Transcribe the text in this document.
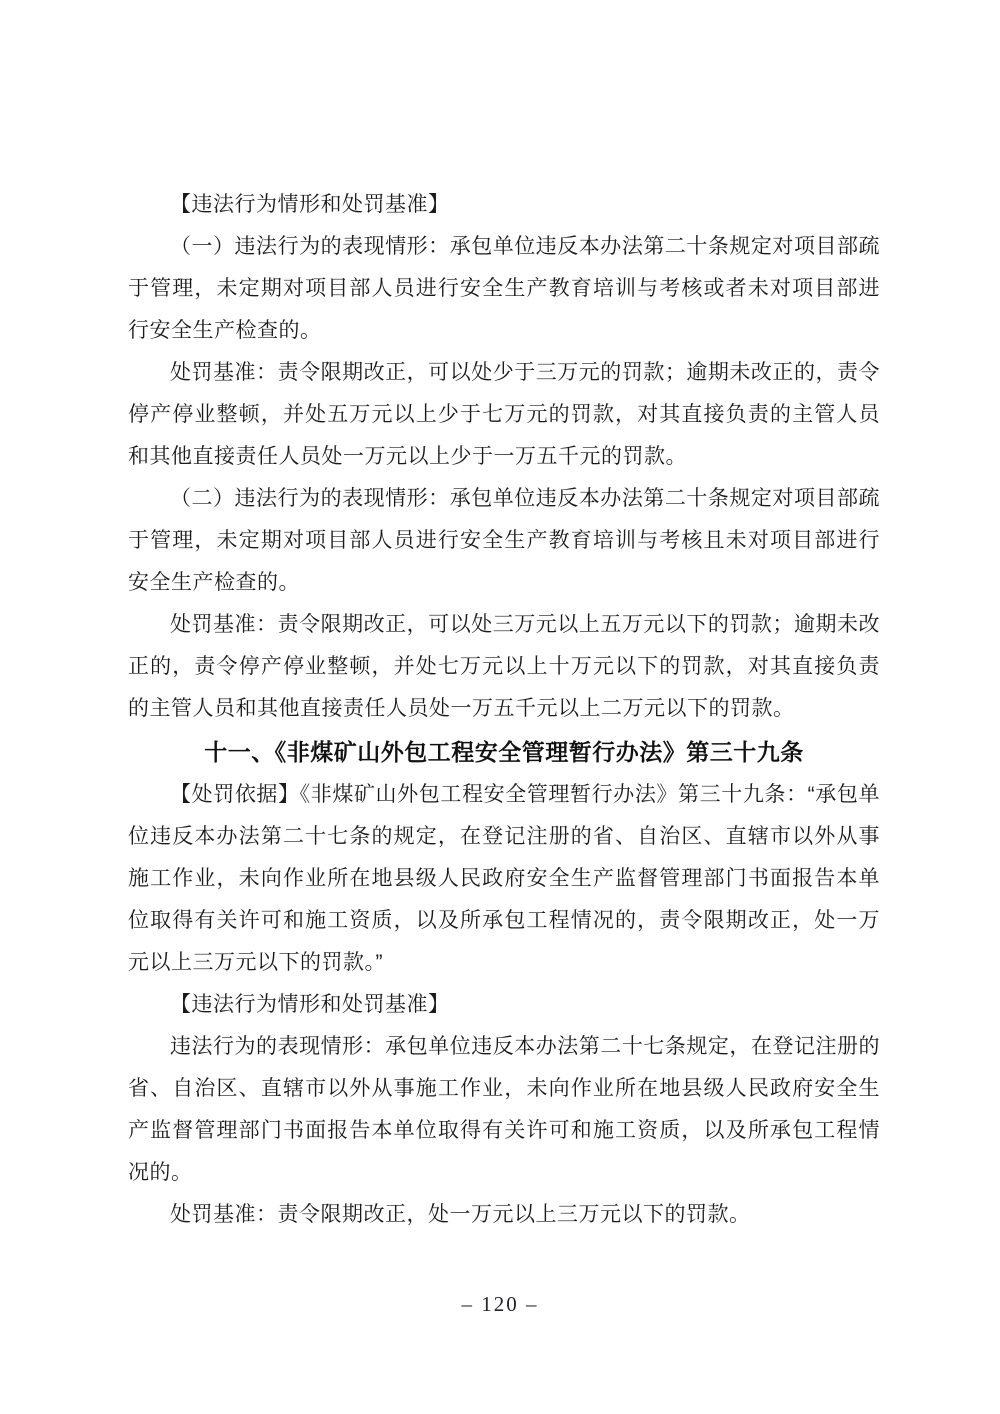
【违法行为情形和处罚基准】

（一）违法行为的表现情形：承包单位违反本办法第二十条规定对项目部疏于管理，未定期对项目部人员进行安全生产教育培训与考核或者未对项目部进行安全生产检查的。

处罚基准：责令限期改正，可以处少于三万元的罚款；逾期未改正的，责令停产停业整顿，并处五万元以上少于七万元的罚款，对其直接负责的主管人员和其他直接责任人员处一万元以上少于一万五千元的罚款。

（二）违法行为的表现情形：承包单位违反本办法第二十条规定对项目部疏于管理，未定期对项目部人员进行安全生产教育培训与考核且未对项目部进行安全生产检查的。

处罚基准：责令限期改正，可以处三万元以上五万元以下的罚款；逾期未改正的，责令停产停业整顿，并处七万元以上十万元以下的罚款，对其直接负责的主管人员和其他直接责任人员处一万五千元以上二万元以下的罚款。

十一、《非煤矿山外包工程安全管理暂行办法》第三十九条

【处罚依据】《非煤矿山外包工程安全管理暂行办法》第三十九条：“承包单位违反本办法第二十七条的规定，在登记注册的省、自治区、直辖市以外从事施工作业，未向作业所在地县级人民政府安全生产监督管理部门书面报告本单位取得有关许可和施工资质，以及所承包工程情况的，责令限期改正，处一万元以上三万元以下的罚款。”

【违法行为情形和处罚基准】

违法行为的表现情形：承包单位违反本办法第二十七条规定，在登记注册的省、自治区、直辖市以外从事施工作业，未向作业所在地县级人民政府安全生产监督管理部门书面报告本单位取得有关许可和施工资质，以及所承包工程情况的。

处罚基准：责令限期改正，处一万元以上三万元以下的罚款。

– 120 –
